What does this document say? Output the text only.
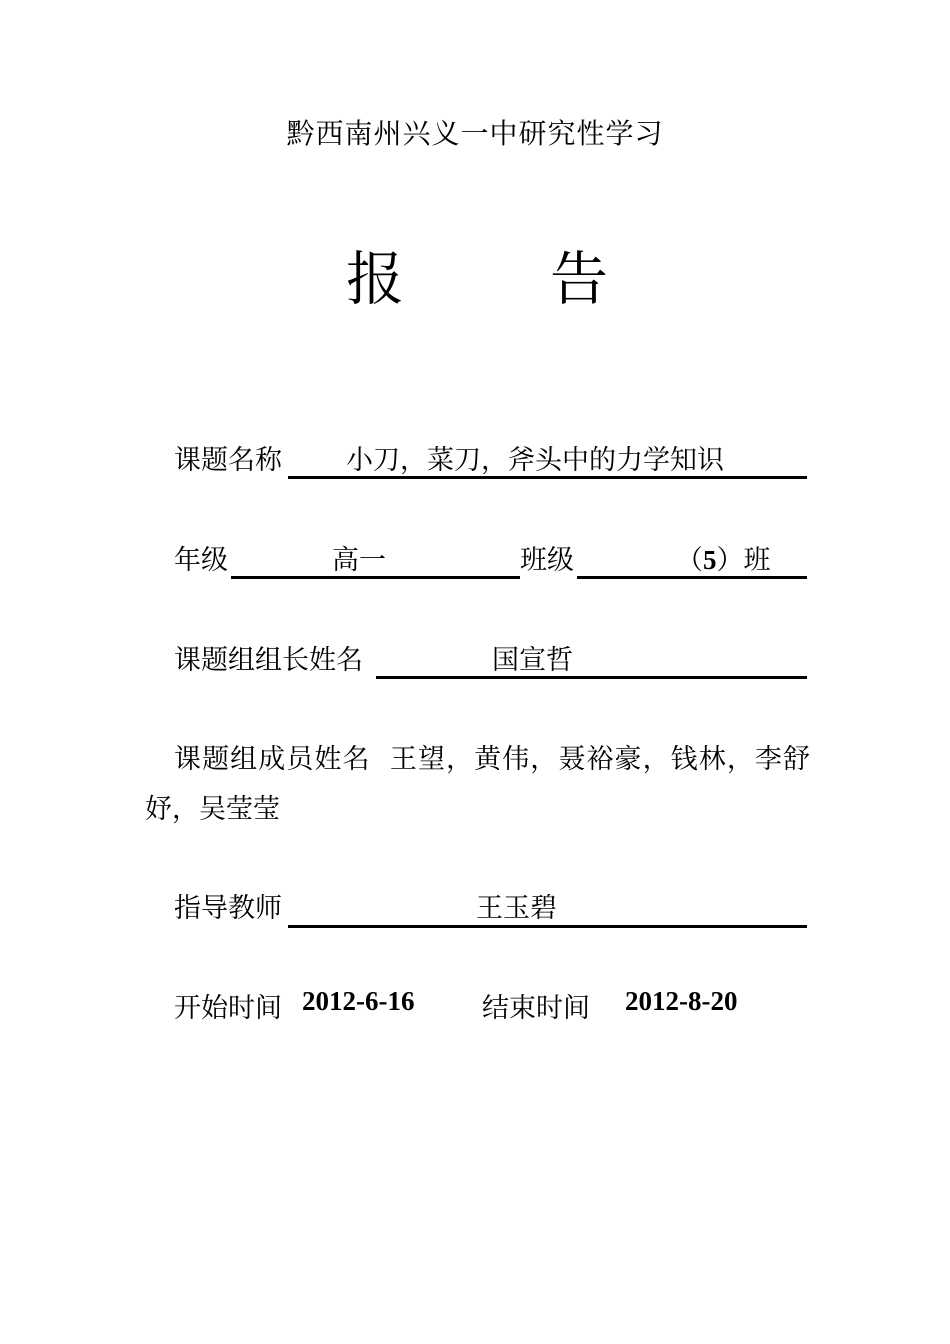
黔西南州兴义一中研究性学习
报	告
课题名称 小刀，菜刀，斧头中的力学知识
年级	高一	班级	（5）班
课题组组长姓名	国宣哲
课题组成员姓名 王望，黄伟，聂裕豪，钱林，李舒妤，吴莹莹
指导教师	王玉碧
开始时间 2012-6-16	结束时间 2012-8-20
